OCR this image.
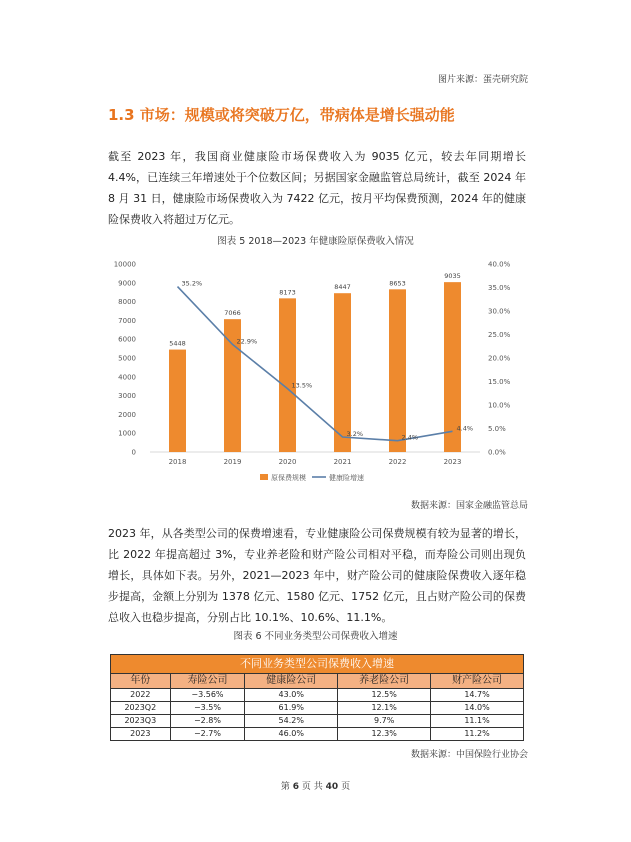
图片来源：蛋壳研究院
1.3 市场：规模或将突破万亿，带病体是增长强动能
截至 2023 年，我国商业健康险市场保费收入为 9035 亿元，较去年同期增长 4.4%，已连续三年增速处于个位数区间；另据国家金融监管总局统计，截至 2024 年 8 月 31 日，健康险市场保费收入为 7422 亿元，按月平均保费预测，2024 年的健康险保费收入将超过万亿元。
图表 5 2018—2023 年健康险原保费收入情况
0
1000
2000
3000
4000
5000
6000
7000
8000
9000
10000
0.0%
5.0%
10.0%
15.0%
20.0%
25.0%
30.0%
35.0%
40.0%
2018	2019	2020	2021	2022	2023
5448
7066
8173
8447	8653
9035
35.2%
22.9%
13.5%
3.2%	2.4%
4.4%
原保费规模	健康险增速
数据来源：国家金融监管总局
2023 年，从各类型公司的保费增速看，专业健康险公司保费规模有较为显著的增长，比 2022 年提高超过 3%，专业养老险和财产险公司相对平稳，而寿险公司则出现负增长，具体如下表。另外，2021—2023 年中，财产险公司的健康险保费收入逐年稳步提高，金额上分别为 1378 亿元、1580 亿元、1752 亿元，且占财产险公司的保费总收入也稳步提高，分别占比 10.1%、10.6%、11.1%。
图表 6 不同业务类型公司保费收入增速
不同业务类型公司保费收入增速				
年份	寿险公司	健康险公司	养老险公司	财产险公司
2022	−3.56%	43.0%	12.5%	14.7%
2023Q2	−3.5%	61.9%	12.1%	14.0%
2023Q3	−2.8%	54.2%	9.7%	11.1%
2023	−2.7%	46.0%	12.3%	11.2%
数据来源：中国保险行业协会
第 6 页 共 40 页
